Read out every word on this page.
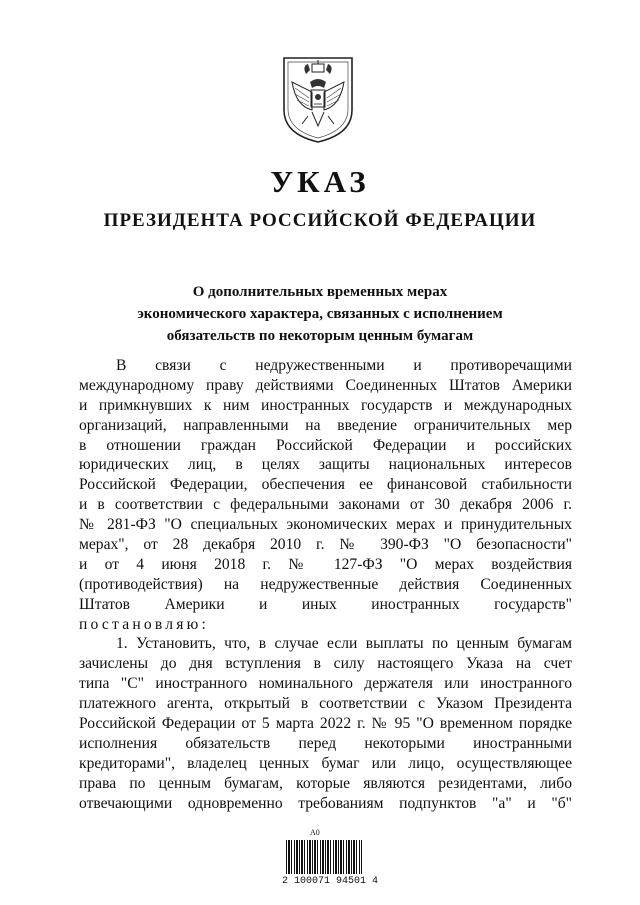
УКАЗ
ПРЕЗИДЕНТА РОССИЙСКОЙ ФЕДЕРАЦИИ
О дополнительных временных мерах
экономического характера, связанных с исполнением
обязательств по некоторым ценным бумагам
В связи с недружественными и противоречащими
международному праву действиями Соединенных Штатов Америки
и примкнувших к ним иностранных государств и международных
организаций, направленными на введение ограничительных мер
в отношении граждан Российской Федерации и российских
юридических лиц, в целях защиты национальных интересов
Российской Федерации, обеспечения ее финансовой стабильности
и в соответствии с федеральными законами от 30 декабря 2006 г.
№ 281-ФЗ "О специальных экономических мерах и принудительных
мерах", от 28 декабря 2010 г. № 390-ФЗ "О безопасности"
и от 4 июня 2018 г. № 127-ФЗ "О мерах воздействия
(противодействия) на недружественные действия Соединенных
Штатов Америки и иных иностранных государств"
постановляю:
1. Установить, что, в случае если выплаты по ценным бумагам
зачислены до дня вступления в силу настоящего Указа на счет
типа "С" иностранного номинального держателя или иностранного
платежного агента, открытый в соответствии с Указом Президента
Российской Федерации от 5 марта 2022 г. № 95 "О временном порядке
исполнения обязательств перед некоторыми иностранными
кредиторами", владелец ценных бумаг или лицо, осуществляющее
права по ценным бумагам, которые являются резидентами, либо
отвечающими одновременно требованиям подпунктов "а" и "б"
А0
2 100071 94501 4
